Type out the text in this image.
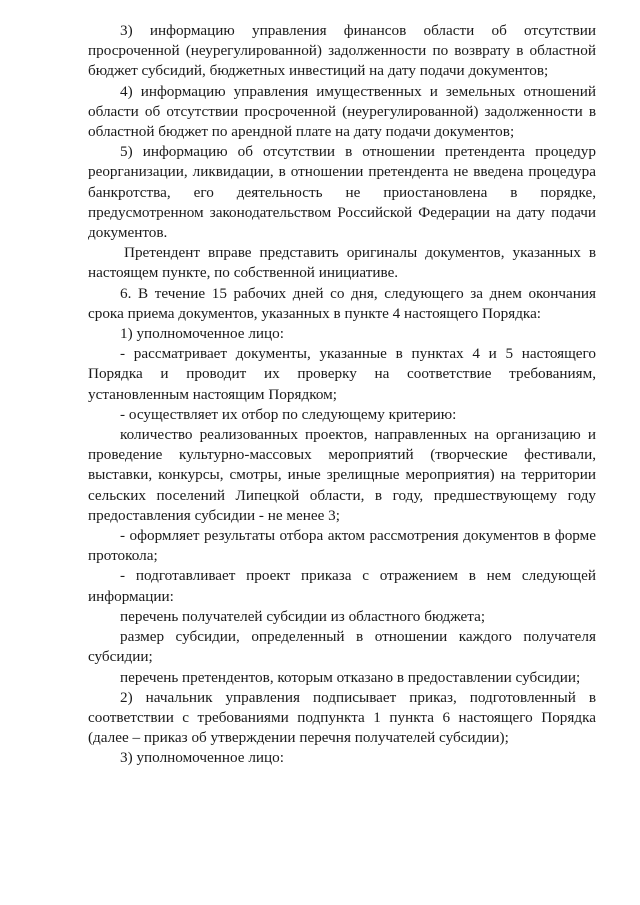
3) информацию управления финансов области об отсутствии просроченной (неурегулированной) задолженности по возврату в областной бюджет субсидий, бюджетных инвестиций на дату подачи документов;

4) информацию управления имущественных и земельных отношений области об отсутствии просроченной (неурегулированной) задолженности в областной бюджет по арендной плате на дату подачи документов;

5) информацию об отсутствии в отношении претендента процедур реорганизации, ликвидации, в отношении претендента не введена процедура банкротства, его деятельность не приостановлена в порядке, предусмотренном законодательством Российской Федерации на дату подачи документов.

Претендент вправе представить оригиналы документов, указанных в настоящем пункте, по собственной инициативе.

6. В течение 15 рабочих дней со дня, следующего за днем окончания срока приема документов, указанных в пункте 4 настоящего Порядка:

1) уполномоченное лицо:

- рассматривает документы, указанные в пунктах 4 и 5 настоящего Порядка и проводит их проверку на соответствие требованиям, установленным настоящим Порядком;

- осуществляет их отбор по следующему критерию:

количество реализованных проектов, направленных на организацию и проведение культурно-массовых мероприятий (творческие фестивали, выставки, конкурсы, смотры, иные зрелищные мероприятия) на территории сельских поселений Липецкой области, в году, предшествующему году предоставления субсидии - не менее 3;

- оформляет результаты отбора актом рассмотрения документов в форме протокола;

- подготавливает проект приказа с отражением в нем следующей информации:

перечень получателей субсидии из областного бюджета;

размер субсидии, определенный в отношении каждого получателя субсидии;

перечень претендентов, которым отказано в предоставлении субсидии;

2) начальник управления подписывает приказ, подготовленный в соответствии с требованиями подпункта 1 пункта 6 настоящего Порядка (далее – приказ об утверждении перечня получателей субсидии);

3) уполномоченное лицо:
